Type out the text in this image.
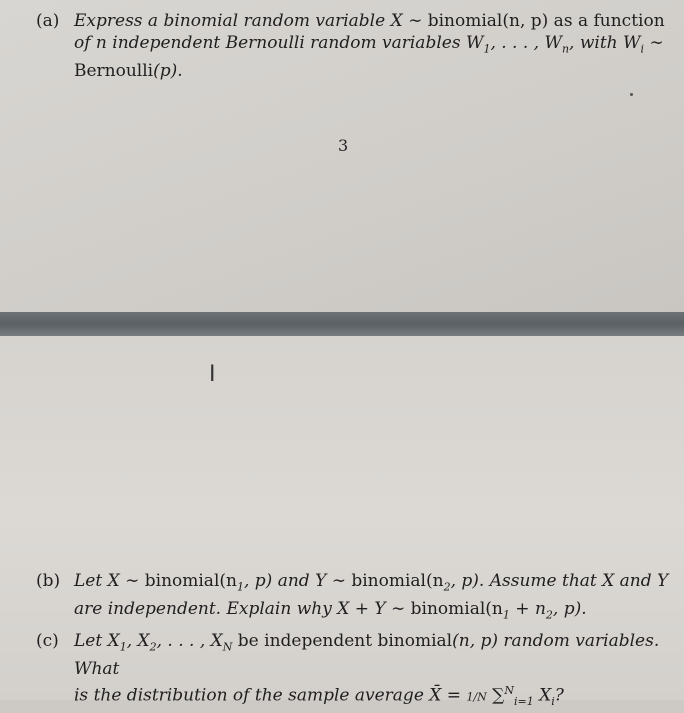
(a) Express a binomial random variable X ∼ binomial(n, p) as a function
of n independent Bernoulli random variables $W_1$, . . . , $W_n$, with $W_i$ ∼
Bernoulli(p).
3
I
(b) Let X ∼ $binomial(n_1$, p) and Y ∼ $binomial(n_2$, p). Assume that X and Y
are independent. Explain why X + Y ∼ $binomial(n_1 + n_2$, p).
(c) Let $X_1$, $X_2$, . . . , $X_N$ be independent binomial(n, p) random variables. What
is the distribution of the sample average X̄ = 1/N ∑$^N_{i=1}$ $X_i$?
